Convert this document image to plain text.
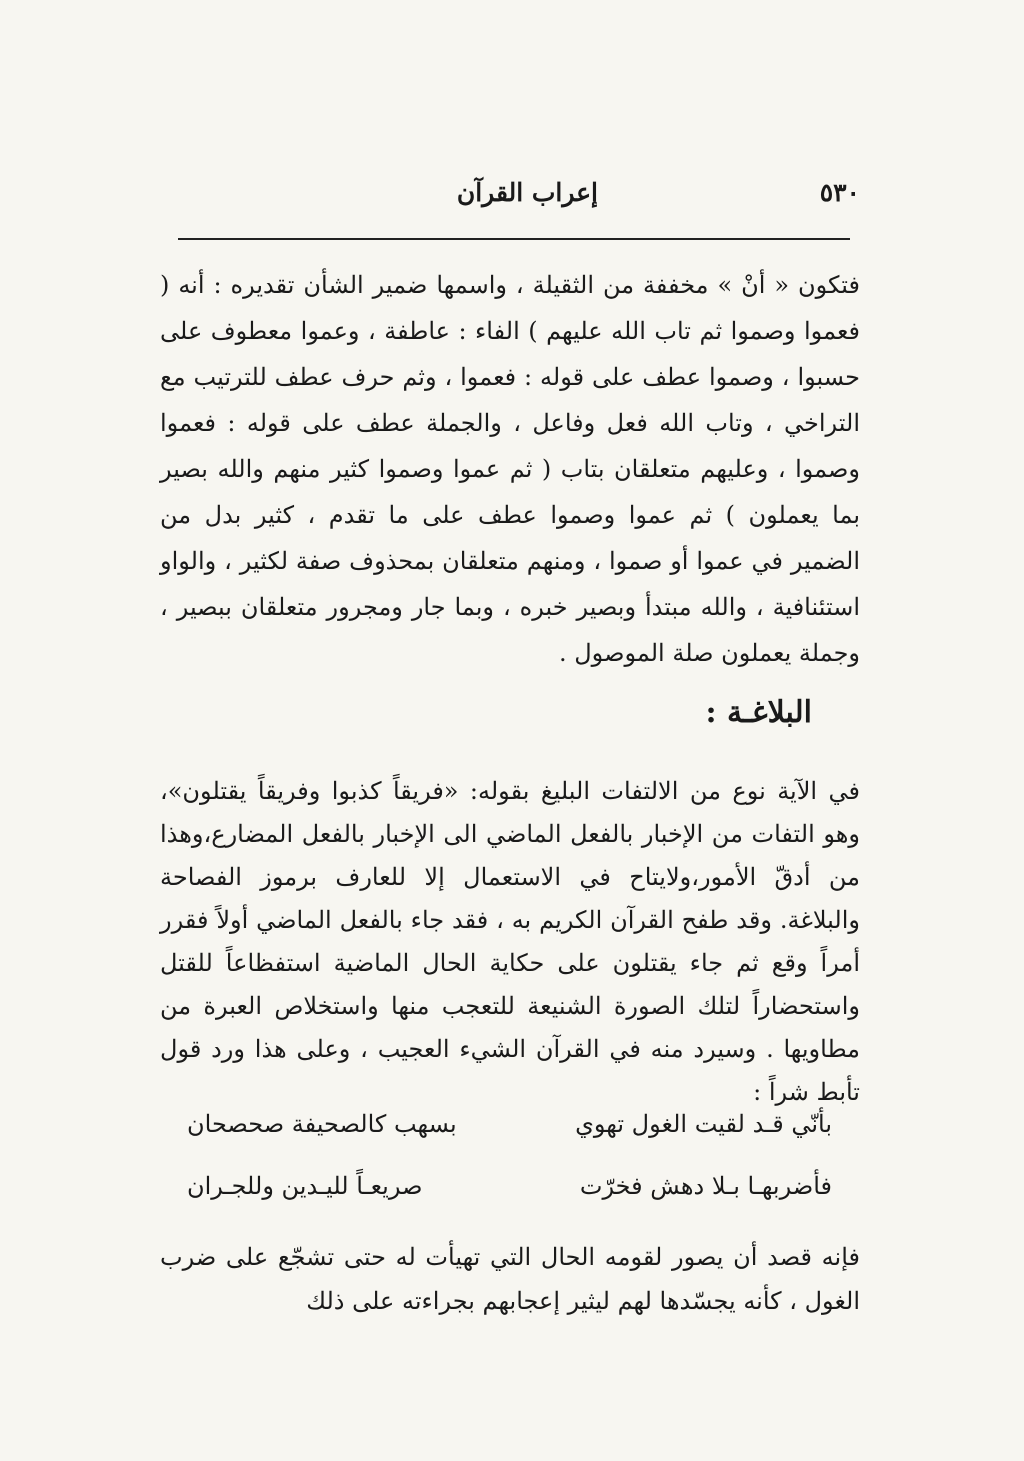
٥٣٠
إعراب القرآن

فتكون « أنْ » مخففة من الثقيلة ، واسمها ضمير الشأن تقديره : أنه ( فعموا وصموا ثم تاب الله عليهم ) الفاء : عاطفة ، وعموا معطوف على حسبوا ، وصموا عطف على قوله : فعموا ، وثم حرف عطف للترتيب مع التراخي ، وتاب الله فعل وفاعل ، والجملة عطف على قوله : فعموا وصموا ، وعليهم متعلقان بتاب ( ثم عموا وصموا كثير منهم والله بصير بما يعملون ) ثم عموا وصموا عطف على ما تقدم ، كثير بدل من الضمير في عموا أو صموا ، ومنهم متعلقان بمحذوف صفة لكثير ، والواو استئنافية ، والله مبتدأ وبصير خبره ، وبما جار ومجرور متعلقان ببصير ، وجملة يعملون صلة الموصول .

البلاغـة :

في الآية نوع من الالتفات البليغ بقوله: «فريقاً كذبوا وفريقاً يقتلون»، وهو التفات من الإخبار بالفعل الماضي الى الإخبار بالفعل المضارع،وهذا من أدقّ الأمور،ولايتاح في الاستعمال إلا للعارف برموز الفصاحة والبلاغة. وقد طفح القرآن الكريم به ، فقد جاء بالفعل الماضي أولاً فقرر أمراً وقع ثم جاء يقتلون على حكاية الحال الماضية استفظاعاً للقتل واستحضاراً لتلك الصورة الشنيعة للتعجب منها واستخلاص العبرة من مطاويها . وسيرد منه في القرآن الشيء العجيب ، وعلى هذا ورد قول تأبط شراً :

بأنّي قـد لقيت الغول تهوي
بسهب كالصحيفة صحصحان
فأضربهـا بـلا دهش فخرّت
صريعـاً لليـدين وللجـران

فإنه قصد أن يصور لقومه الحال التي تهيأت له حتى تشجّع على ضرب الغول ، كأنه يجسّدها لهم ليثير إعجابهم بجراءته على ذلك
